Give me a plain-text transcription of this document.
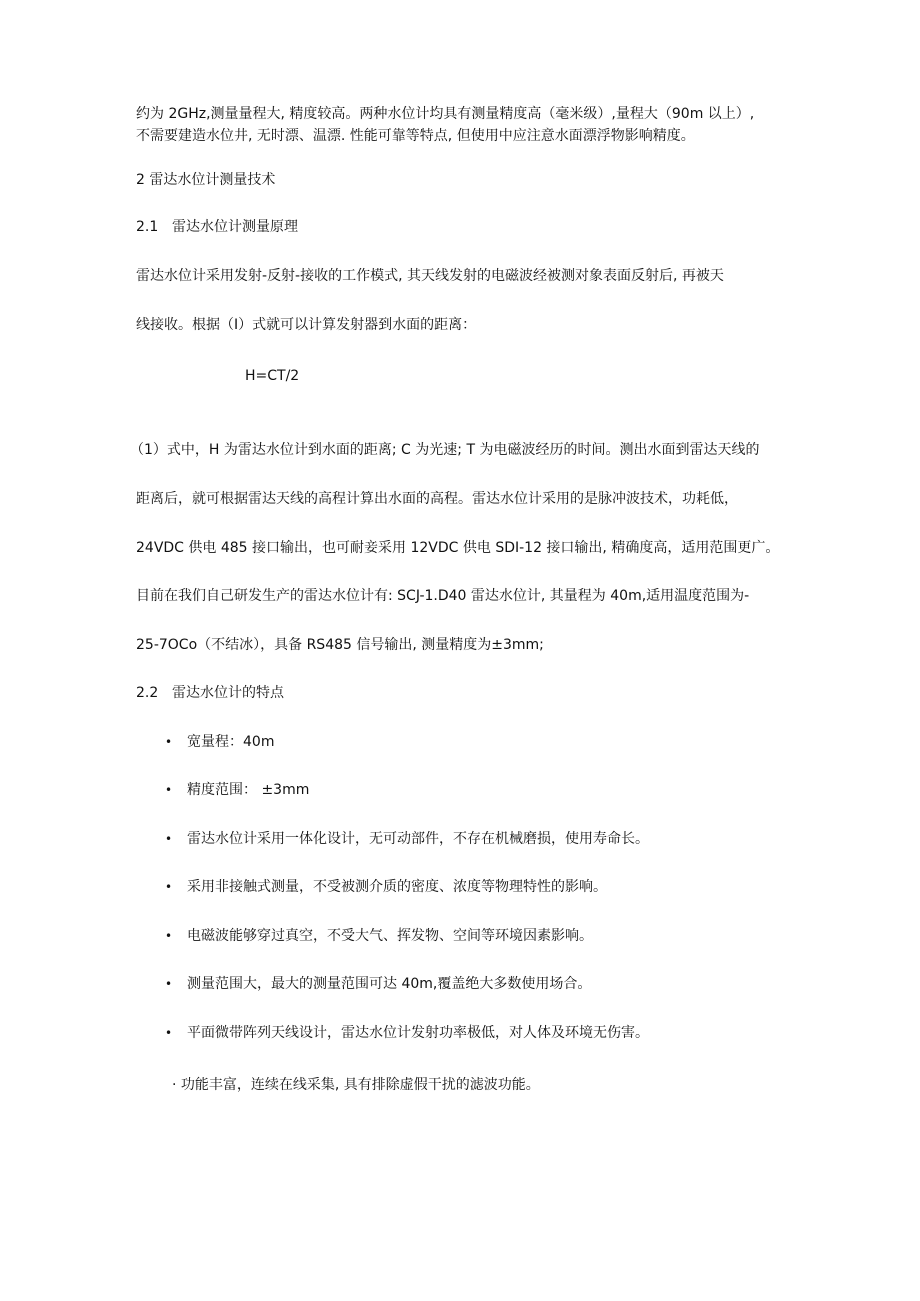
约为 2GHz,测量量程大, 精度较高。两种水位计均具有测量精度高（毫米级）,量程大（90m 以上）,
不需要建造水位井, 无时漂、温漂. 性能可靠等特点, 但使用中应注意水面漂浮物影响精度。
2 雷达水位计测量技术
2.1 雷达水位计测量原理
雷达水位计采用发射-反射-接收的工作模式, 其天线发射的电磁波经被测对象表面反射后, 再被天
线接收。根据（I）式就可以计算发射器到水面的距离：
H=CT/2
（1）式中，H 为雷达水位计到水面的距离; C 为光速; T 为电磁波经历的时间。测出水面到雷达天线的
距离后，就可根据雷达天线的高程计算出水面的高程。雷达水位计采用的是脉冲波技术，功耗低，
24VDC 供电 485 接口输出，也可耐妾采用 12VDC 供电 SDI-12 接口输出, 精确度高，适用范围更广。
目前在我们自己研发生产的雷达水位计有: SCJ-1.D40 雷达水位计, 其量程为 40m,适用温度范围为-
25-7OCo（不结冰），具备 RS485 信号输出, 测量精度为±3mm;
2.2 雷达水位计的特点
• 宽量程：40m
• 精度范围： ±3mm
• 雷达水位计采用一体化设计，无可动部件，不存在机械磨损，使用寿命长。
• 采用非接触式测量，不受被测介质的密度、浓度等物理特性的影响。
• 电磁波能够穿过真空，不受大气、挥发物、空间等环境因素影响。
• 测量范围大，最大的测量范围可达 40m,覆盖绝大多数使用场合。
• 平面微带阵列天线设计，雷达水位计发射功率极低，对人体及环境无伤害。
· 功能丰富，连续在线采集, 具有排除虚假干扰的滤波功能。
